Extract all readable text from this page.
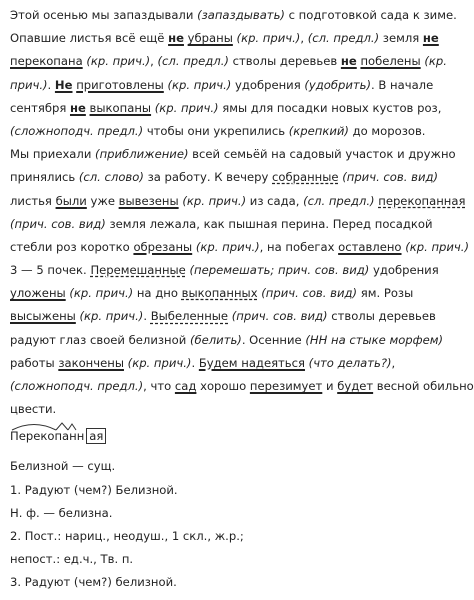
Этой осенью мы запаздывали (запаздывать) с подготовкой сада к зиме.
Опавшие листья всё ещё не убраны (кр. прич.), (сл. предл.) земля не
перекопана (кр. прич.), (сл. предл.) стволы деревьев не побелены (кр.
прич.). Не приготовлены (кр. прич.) удобрения (удобрить). В начале
сентября не выкопаны (кр. прич.) ямы для посадки новых кустов роз,
(сложноподч. предл.) чтобы они укрепились (крепкий) до морозов.
Мы приехали (приближение) всей семьёй на садовый участок и дружно
принялись (сл. слово) за работу. К вечеру собранные (прич. сов. вид)
листья были уже вывезены (кр. прич.) из сада, (сл. предл.) перекопанная
(прич. сов. вид) земля лежала, как пышная перина. Перед посадкой
стебли роз коротко обрезаны (кр. прич.), на побегах оставлено (кр. прич.)
3 — 5 почек. Перемешанные (перемешать; прич. сов. вид) удобрения
уложены (кр. прич.) на дно выкопанных (прич. сов. вид) ям. Розы
высыжены (кр. прич.). Выбеленные (прич. сов. вид) стволы деревьев
радуют глаз своей белизной (белить). Осенние (НН на стыке морфем)
работы закончены (кр. прич.). Будем надеяться (что делать?),
(сложноподч. предл.), что сад хорошо перезимует и будет весной обильно
цвести.
Перекопанн ая
Белизной — сущ.
1. Радуют (чем?) Белизной.
Н. ф. — белизна.
2. Пост.: нариц., неодуш., 1 скл., ж.р.;
непост.: ед.ч., Тв. п.
3. Радуют (чем?) белизной.
